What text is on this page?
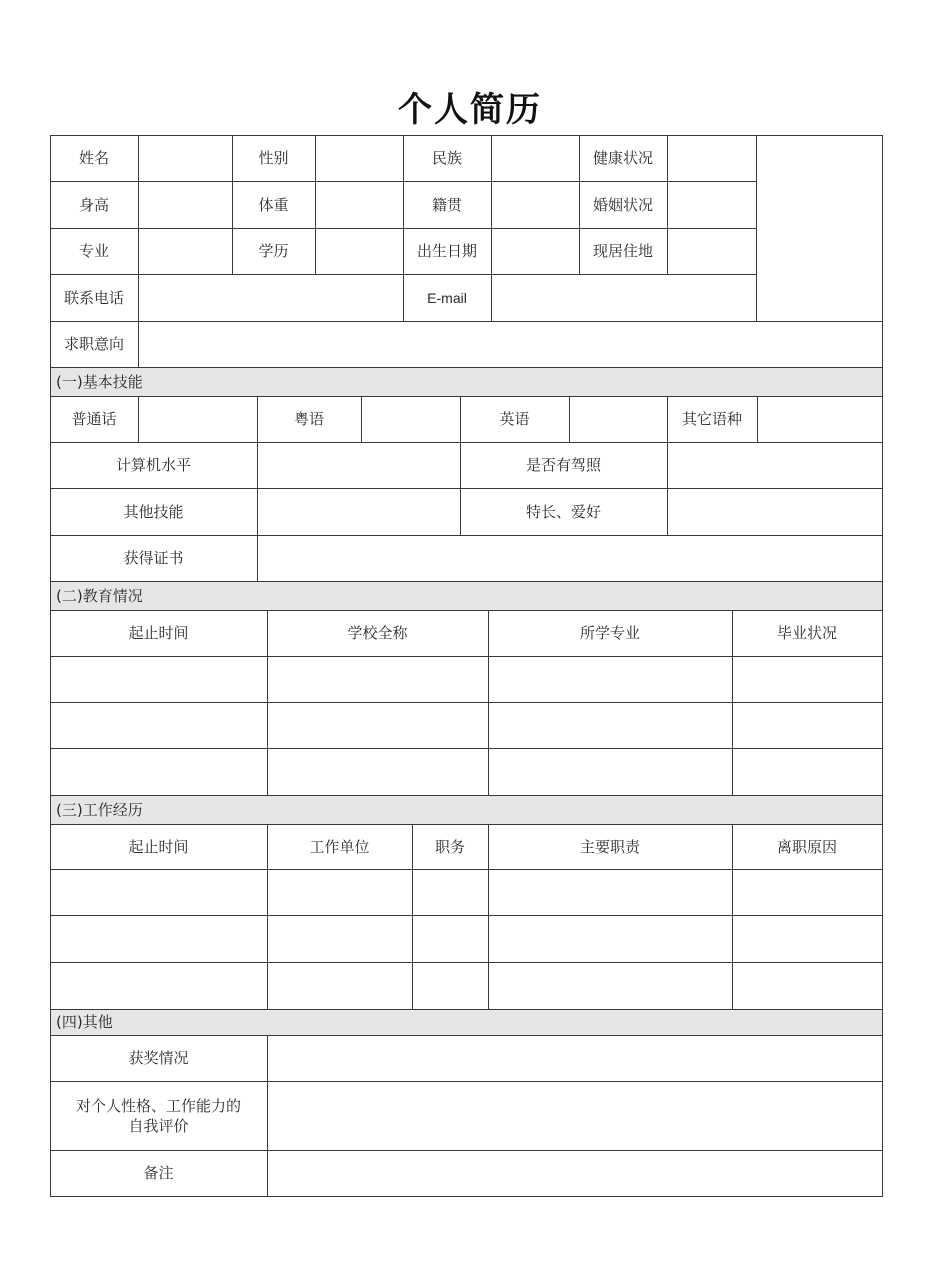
个人简历
姓名	性别	民族	健康状况
身高	体重	籍贯	婚姻状况
专业	学历	出生日期	现居住地
联系电话	E-mail
求职意向
(一)基本技能
普通话	粤语	英语	其它语种
计算机水平	是否有驾照
其他技能	特长、爱好
获得证书
(二)教育情况
起止时间	学校全称	所学专业	毕业状况
(三)工作经历
起止时间	工作单位	职务	主要职责	离职原因
(四)其他
获奖情况
对个人性格、工作能力的
自我评价
备注
